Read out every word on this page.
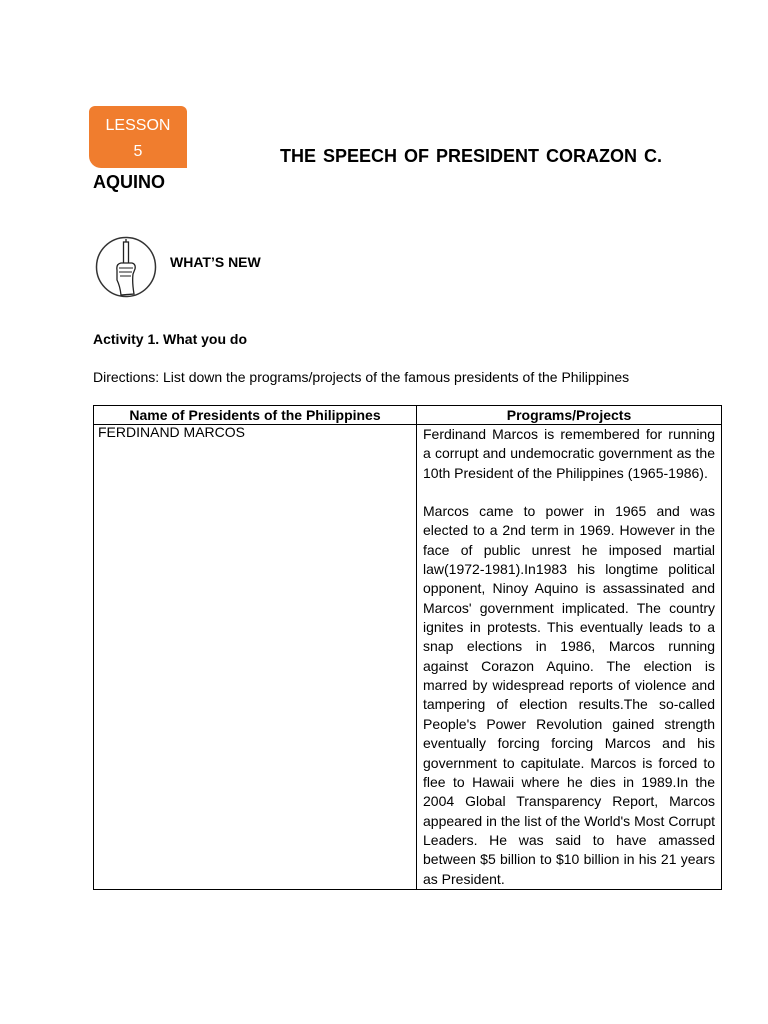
LESSON
5	THE SPEECH OF PRESIDENT CORAZON C.
AQUINO
WHAT’S NEW
Activity 1. What you do
Directions: List down the programs/projects of the famous presidents of the Philippines
Name of Presidents of the Philippines	Programs/Projects
FERDINAND MARCOS	Ferdinand Marcos is remembered for running a corrupt and undemocratic government as the 10th President of the Philippines (1965-1986).

Marcos came to power in 1965 and was elected to a 2nd term in 1969. However in the face of public unrest he imposed martial law(1972-1981).In1983 his longtime political opponent, Ninoy Aquino is assassinated and Marcos' government implicated. The country ignites in protests. This eventually leads to a snap elections in 1986, Marcos running against Corazon Aquino. The election is marred by widespread reports of violence and tampering of election results.The so-called People's Power Revolution gained strength eventually forcing forcing Marcos and his government to capitulate. Marcos is forced to flee to Hawaii where he dies in 1989.In the 2004 Global Transparency Report, Marcos appeared in the list of the World's Most Corrupt Leaders. He was said to have amassed between $5 billion to $10 billion in his 21 years as President.
